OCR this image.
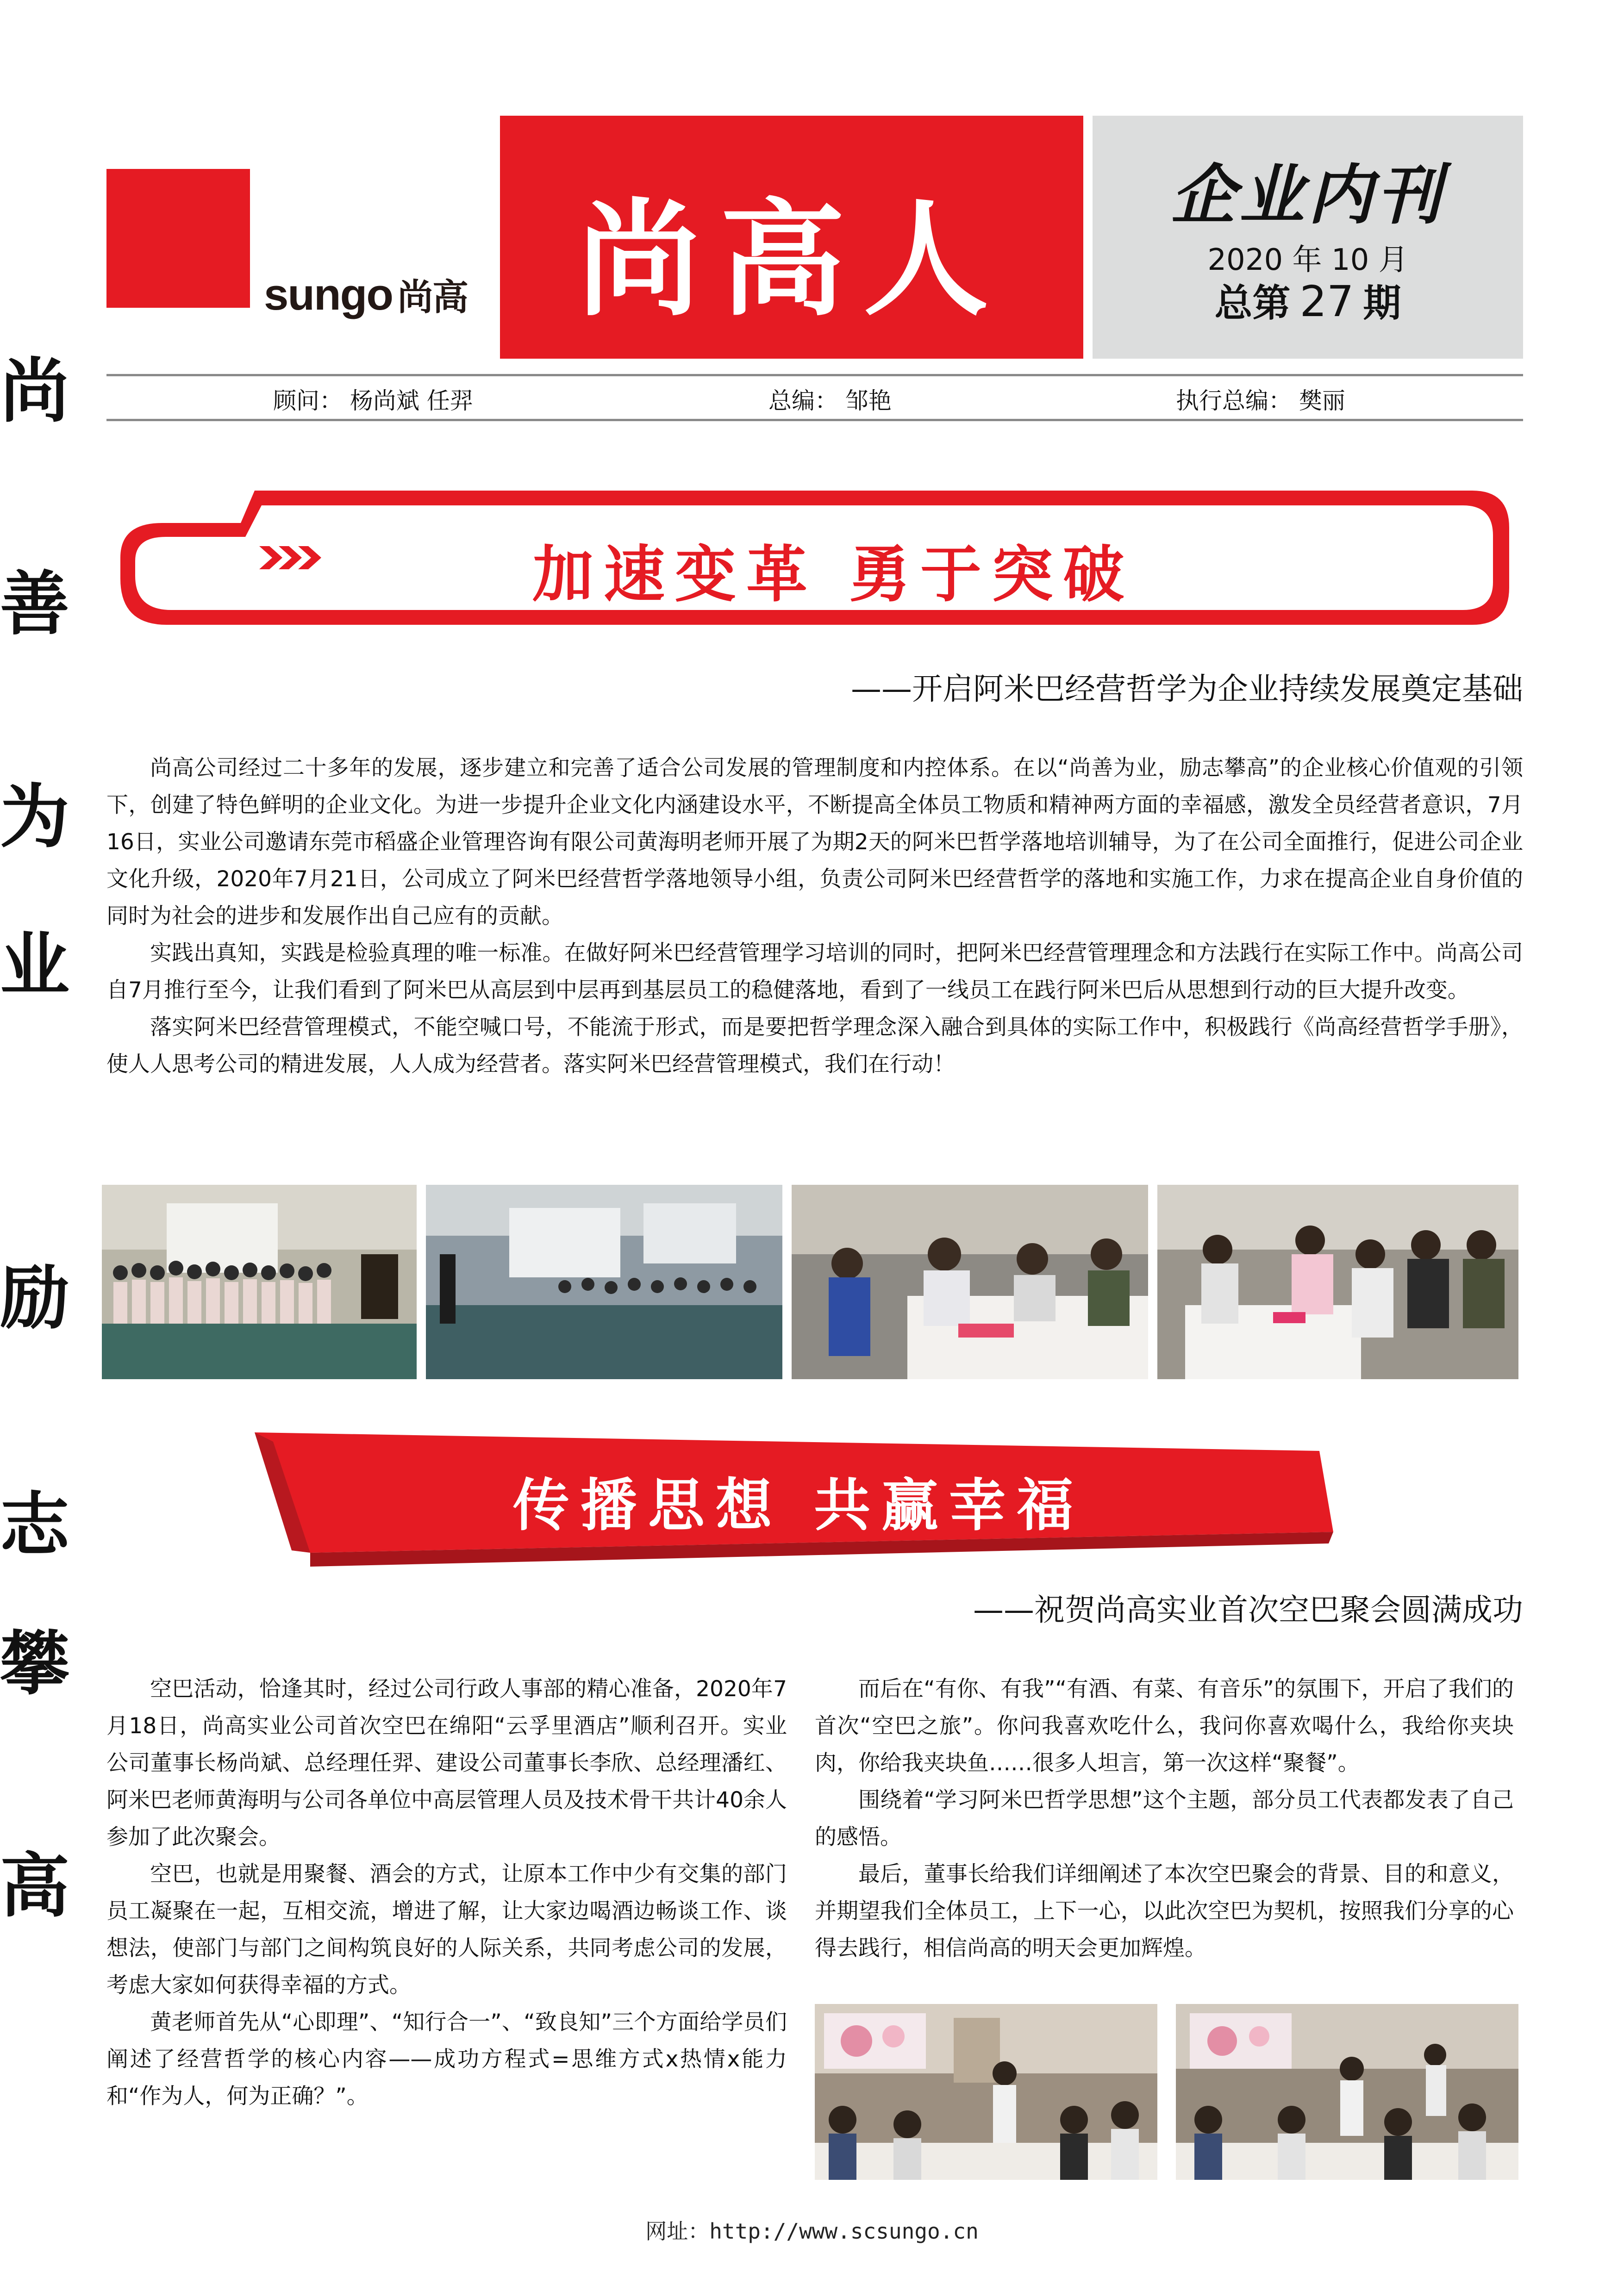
尚
善
为
业
励
志
攀
高
sungo 尚高 尚高人	企业内刊
2020 年 10 月
总第 27 期
顾问： 杨尚斌 任羿	总编： 邹艳	执行总编： 樊丽
加速变革 勇于突破
——开启阿米巴经营哲学为企业持续发展奠定基础

尚高公司经过二十多年的发展，逐步建立和完善了适合公司发展的管理制度和内控体系。在以“尚善为业，励志攀高”的企业核心价值观的引领下，创建了特色鲜明的企业文化。为进一步提升企业文化内涵建设水平，不断提高全体员工物质和精神两方面的幸福感，激发全员经营者意识，7月16日，实业公司邀请东莞市稻盛企业管理咨询有限公司黄海明老师开展了为期2天的阿米巴哲学落地培训辅导，为了在公司全面推行，促进公司企业文化升级，2020年7月21日，公司成立了阿米巴经营哲学落地领导小组，负责公司阿米巴经营哲学的落地和实施工作，力求在提高企业自身价值的同时为社会的进步和发展作出自己应有的贡献。

实践出真知，实践是检验真理的唯一标准。在做好阿米巴经营管理学习培训的同时，把阿米巴经营管理理念和方法践行在实际工作中。尚高公司自7月推行至今，让我们看到了阿米巴从高层到中层再到基层员工的稳健落地，看到了一线员工在践行阿米巴后从思想到行动的巨大提升改变。

落实阿米巴经营管理模式，不能空喊口号，不能流于形式，而是要把哲学理念深入融合到具体的实际工作中，积极践行《尚高经营哲学手册》，使人人思考公司的精进发展，人人成为经营者。落实阿米巴经营管理模式，我们在行动！

传播思想 共赢幸福
——祝贺尚高实业首次空巴聚会圆满成功

空巴活动，恰逢其时，经过公司行政人事部的精心准备，2020年7月18日，尚高实业公司首次空巴在绵阳“云孚里酒店”顺利召开。实业公司董事长杨尚斌、总经理任羿、建设公司董事长李欣、总经理潘红、阿米巴老师黄海明与公司各单位中高层管理人员及技术骨干共计40余人参加了此次聚会。

空巴，也就是用聚餐、酒会的方式，让原本工作中少有交集的部门员工凝聚在一起，互相交流，增进了解，让大家边喝酒边畅谈工作、谈想法，使部门与部门之间构筑良好的人际关系，共同考虑公司的发展，考虑大家如何获得幸福的方式。

黄老师首先从“心即理”、“知行合一”、“致良知”三个方面给学员们阐述了经营哲学的核心内容——成功方程式=思维方式x热情x能力和“作为人，何为正确？”。

而后在“有你、有我”“有酒、有菜、有音乐”的氛围下，开启了我们的首次“空巴之旅”。你问我喜欢吃什么，我问你喜欢喝什么，我给你夹块肉，你给我夹块鱼……很多人坦言，第一次这样“聚餐”。

围绕着“学习阿米巴哲学思想”这个主题，部分员工代表都发表了自己的感悟。

最后，董事长给我们详细阐述了本次空巴聚会的背景、目的和意义，并期望我们全体员工，上下一心，以此次空巴为契机，按照我们分享的心得去践行，相信尚高的明天会更加辉煌。

网址：http://www.scsungo.cn
